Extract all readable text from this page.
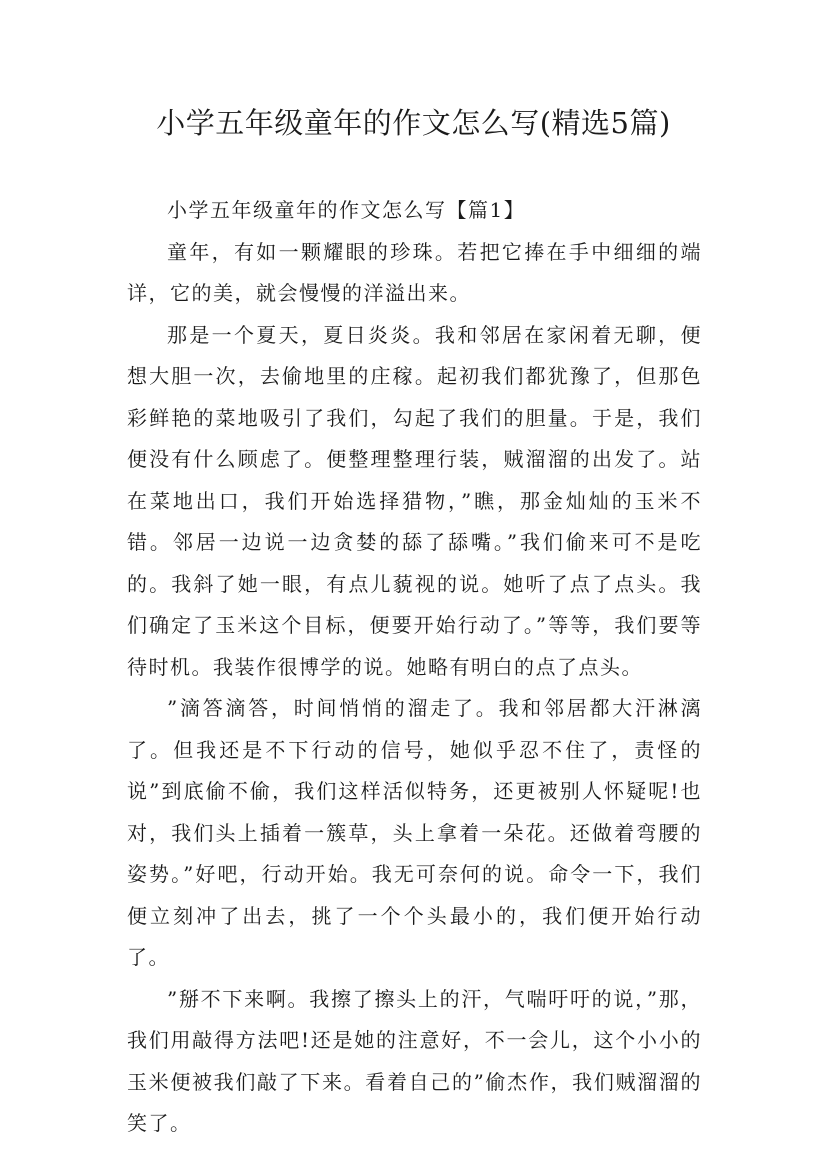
小学五年级童年的作文怎么写(精选5篇)

小学五年级童年的作文怎么写【篇1】

童年，有如一颗耀眼的珍珠。若把它捧在手中细细的端详，它的美，就会慢慢的洋溢出来。

那是一个夏天，夏日炎炎。我和邻居在家闲着无聊，便想大胆一次，去偷地里的庄稼。起初我们都犹豫了，但那色彩鲜艳的菜地吸引了我们，勾起了我们的胆量。于是，我们便没有什么顾虑了。便整理整理行装，贼溜溜的出发了。站在菜地出口，我们开始选择猎物，”瞧，那金灿灿的玉米不错。邻居一边说一边贪婪的舔了舔嘴。”我们偷来可不是吃的。我斜了她一眼，有点儿藐视的说。她听了点了点头。我们确定了玉米这个目标，便要开始行动了。”等等，我们要等待时机。我装作很博学的说。她略有明白的点了点头。

”滴答滴答，时间悄悄的溜走了。我和邻居都大汗淋漓了。但我还是不下行动的信号，她似乎忍不住了，责怪的说”到底偷不偷，我们这样活似特务，还更被别人怀疑呢!也对，我们头上插着一簇草，头上拿着一朵花。还做着弯腰的姿势。”好吧，行动开始。我无可奈何的说。命令一下，我们便立刻冲了出去，挑了一个个头最小的，我们便开始行动了。

”掰不下来啊。我擦了擦头上的汗，气喘吁吁的说，”那，我们用敲得方法吧!还是她的注意好，不一会儿，这个小小的玉米便被我们敲了下来。看着自己的”偷杰作，我们贼溜溜的笑了。
